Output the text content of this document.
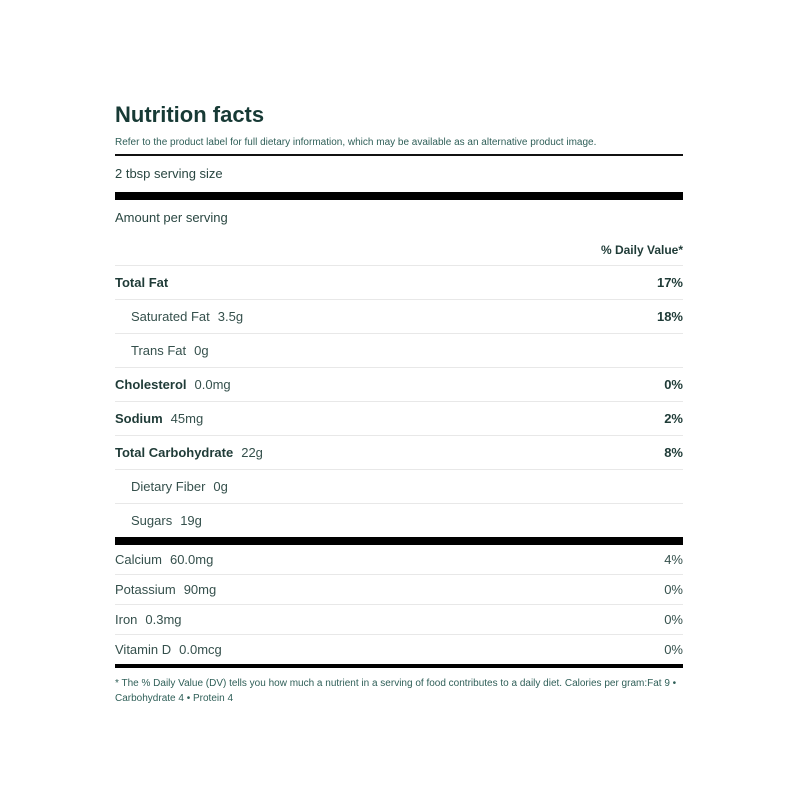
Nutrition facts
Refer to the product label for full dietary information, which may be available as an alternative product image.
2 tbsp serving size
Amount per serving
% Daily Value*
Total Fat	17%
Saturated Fat 3.5g	18%
Trans Fat 0g
Cholesterol 0.0mg	0%
Sodium 45mg	2%
Total Carbohydrate 22g	8%
Dietary Fiber 0g
Sugars 19g
Calcium 60.0mg	4%
Potassium 90mg	0%
Iron 0.3mg	0%
Vitamin D 0.0mcg	0%
* The % Daily Value (DV) tells you how much a nutrient in a serving of food contributes to a daily diet. Calories per gram:Fat 9 • Carbohydrate 4 • Protein 4
